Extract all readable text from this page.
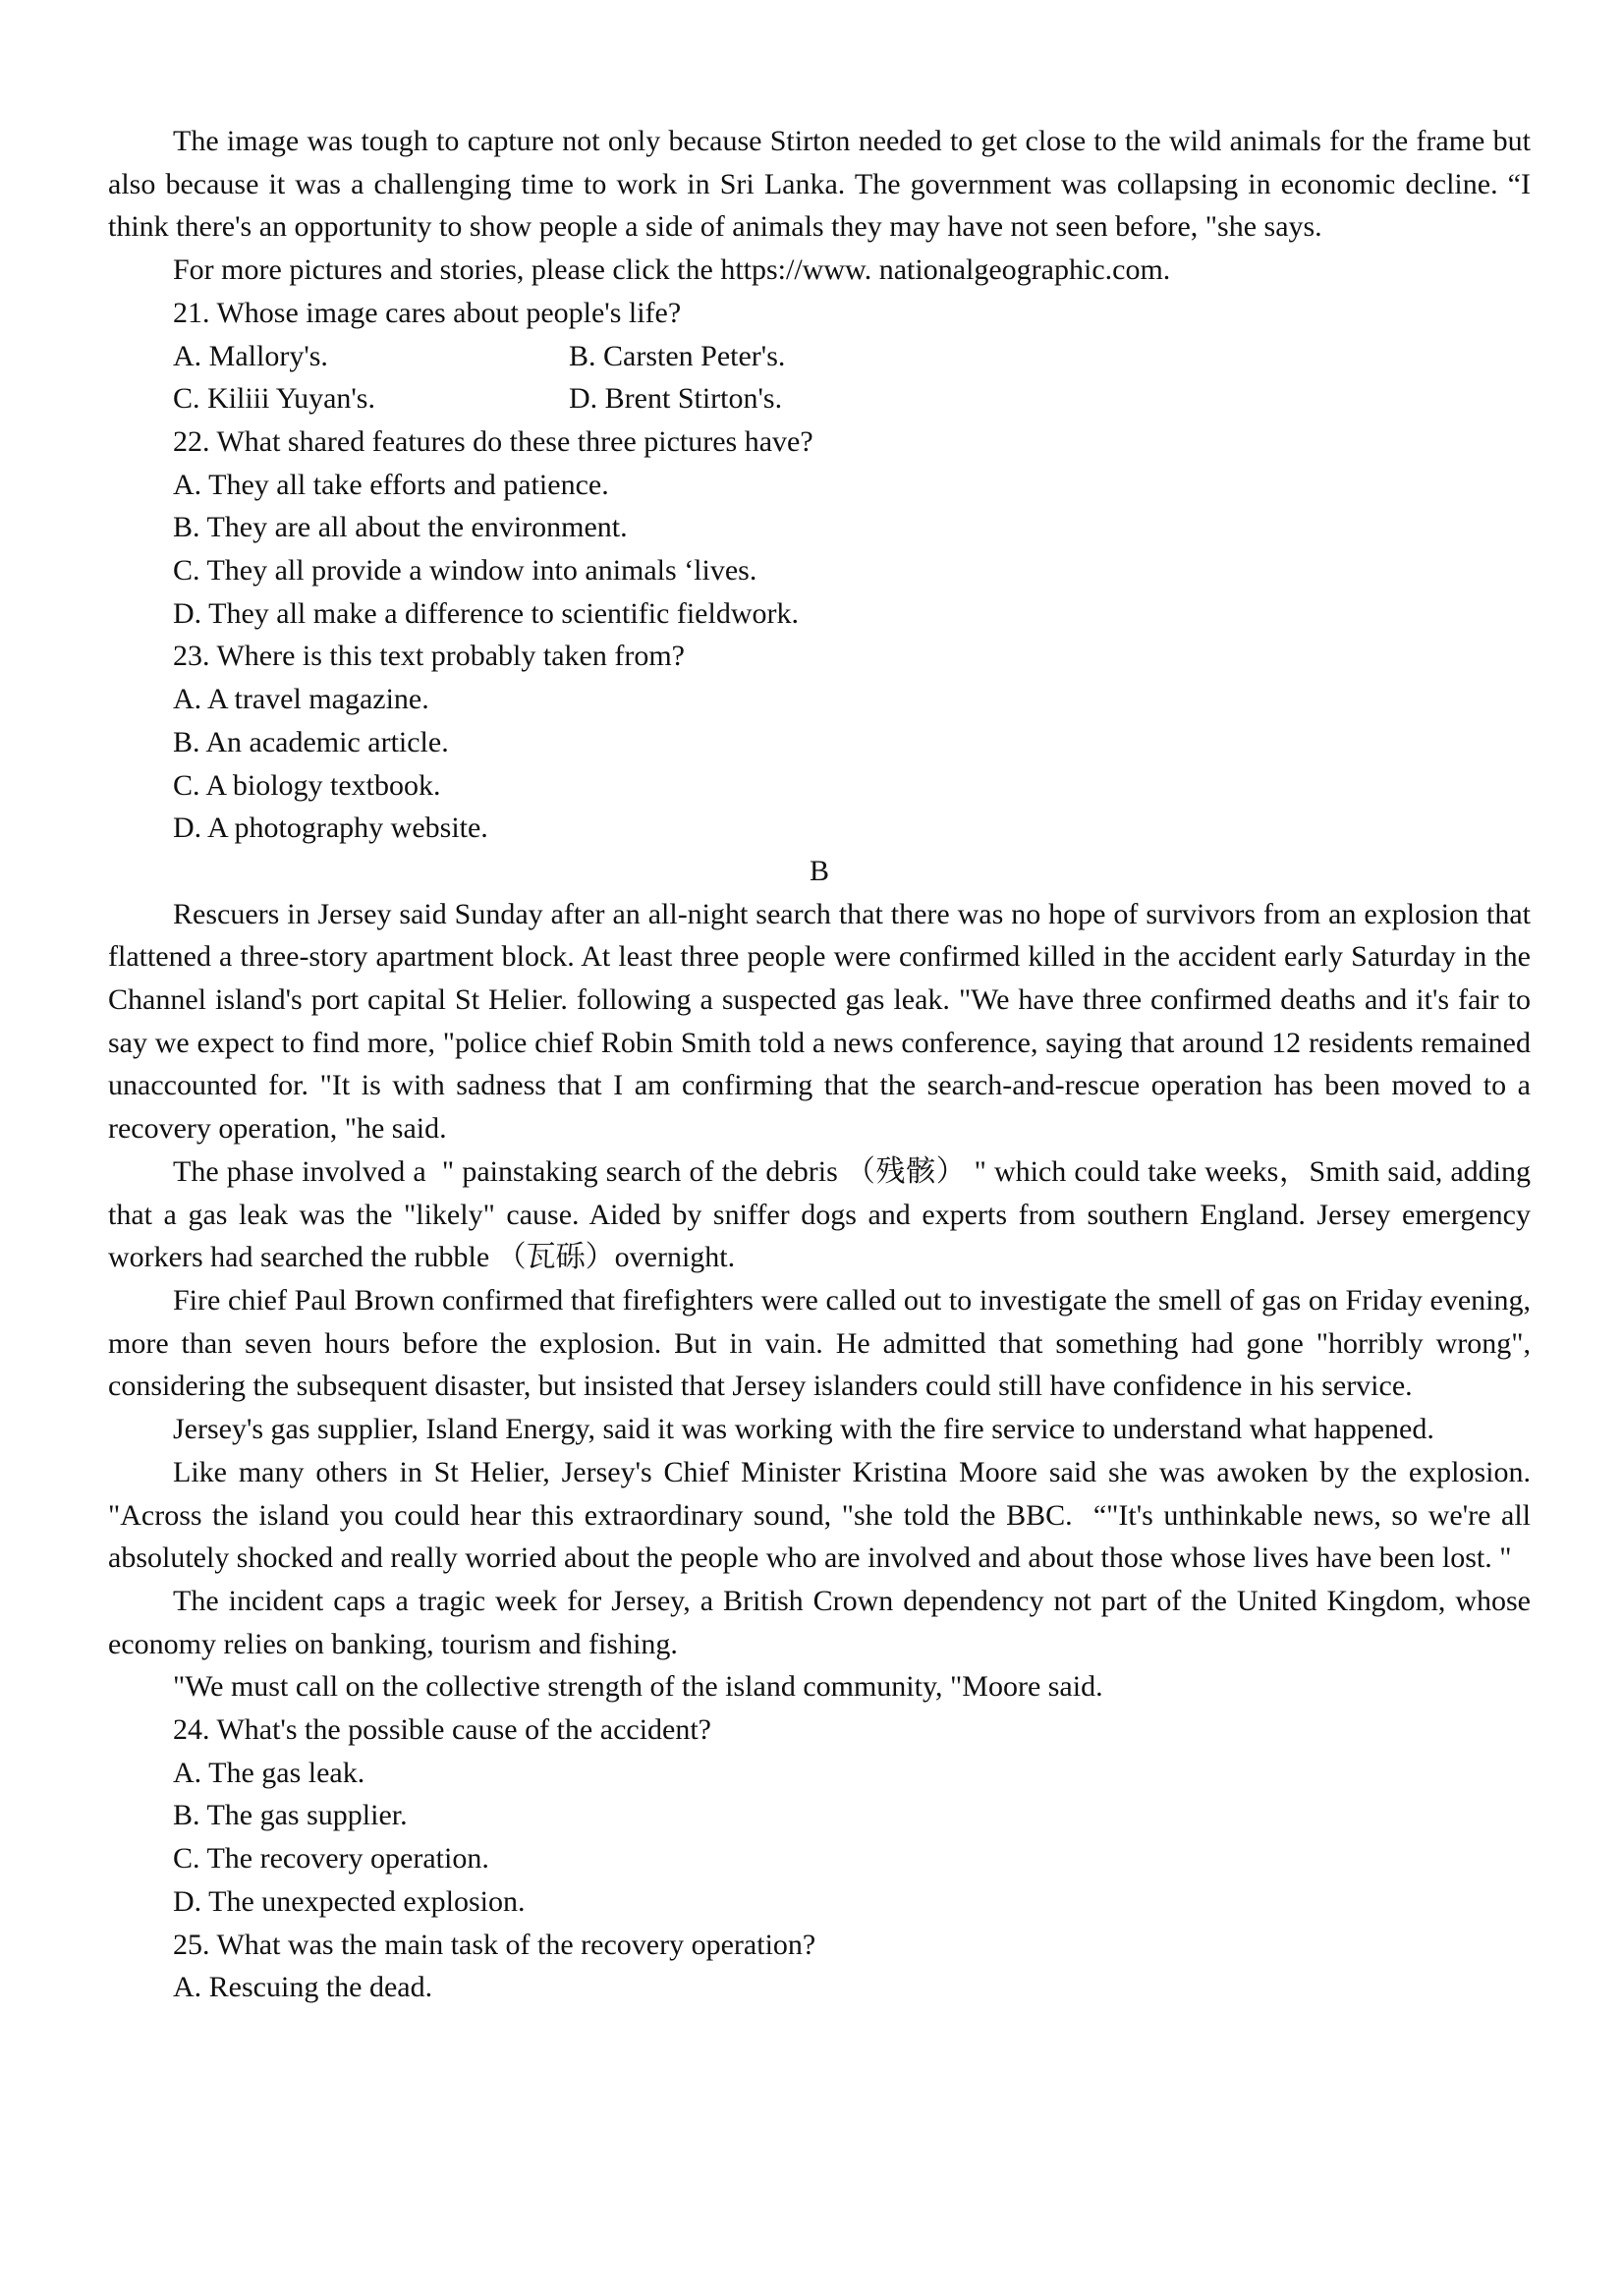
The image was tough to capture not only because Stirton needed to get close to the wild animals for the frame but also because it was a challenging time to work in Sri Lanka. The government was collapsing in economic decline. “I think there's an opportunity to show people a side of animals they may have not seen before, "she says.

For more pictures and stories, please click the https://www. nationalgeographic.com.

21. Whose image cares about people's life?

A. Mallory's.	B. Carsten Peter's.
C. Kiliii Yuyan's.	D. Brent Stirton's.

22. What shared features do these three pictures have?

A. They all take efforts and patience.

B. They are all about the environment.

C. They all provide a window into animals ‘lives.

D. They all make a difference to scientific fieldwork.

23. Where is this text probably taken from?

A. A travel magazine.

B. An academic article.

C. A biology textbook.

D. A photography website.

B

Rescuers in Jersey said Sunday after an all-night search that there was no hope of survivors from an explosion that flattened a three-story apartment block. At least three people were confirmed killed in the accident early Saturday in the Channel island's port capital St Helier. following a suspected gas leak. "We have three confirmed deaths and it's fair to say we expect to find more, "police chief Robin Smith told a news conference, saying that around 12 residents remained unaccounted for. "It is with sadness that I am confirming that the search-and-rescue operation has been moved to a recovery operation, "he said.

The phase involved a  " painstaking search of the debris （残骸） " which could take weeks，Smith said, adding that a gas leak was the "likely" cause. Aided by sniffer dogs and experts from southern England. Jersey emergency workers had searched the rubble （瓦砾）overnight.

Fire chief Paul Brown confirmed that firefighters were called out to investigate the smell of gas on Friday evening, more than seven hours before the explosion. But in vain. He admitted that something had gone "horribly wrong", considering the subsequent disaster, but insisted that Jersey islanders could still have confidence in his service.

Jersey's gas supplier, Island Energy, said it was working with the fire service to understand what happened.

Like many others in St Helier, Jersey's Chief Minister Kristina Moore said she was awoken by the explosion. "Across the island you could hear this extraordinary sound, "she told the BBC.  “"It's unthinkable news, so we're all absolutely shocked and really worried about the people who are involved and about those whose lives have been lost. "

The incident caps a tragic week for Jersey, a British Crown dependency not part of the United Kingdom, whose economy relies on banking, tourism and fishing.

"We must call on the collective strength of the island community, "Moore said.

24. What's the possible cause of the accident?

A. The gas leak.

B. The gas supplier.

C. The recovery operation.

D. The unexpected explosion.

25. What was the main task of the recovery operation?

A. Rescuing the dead.
